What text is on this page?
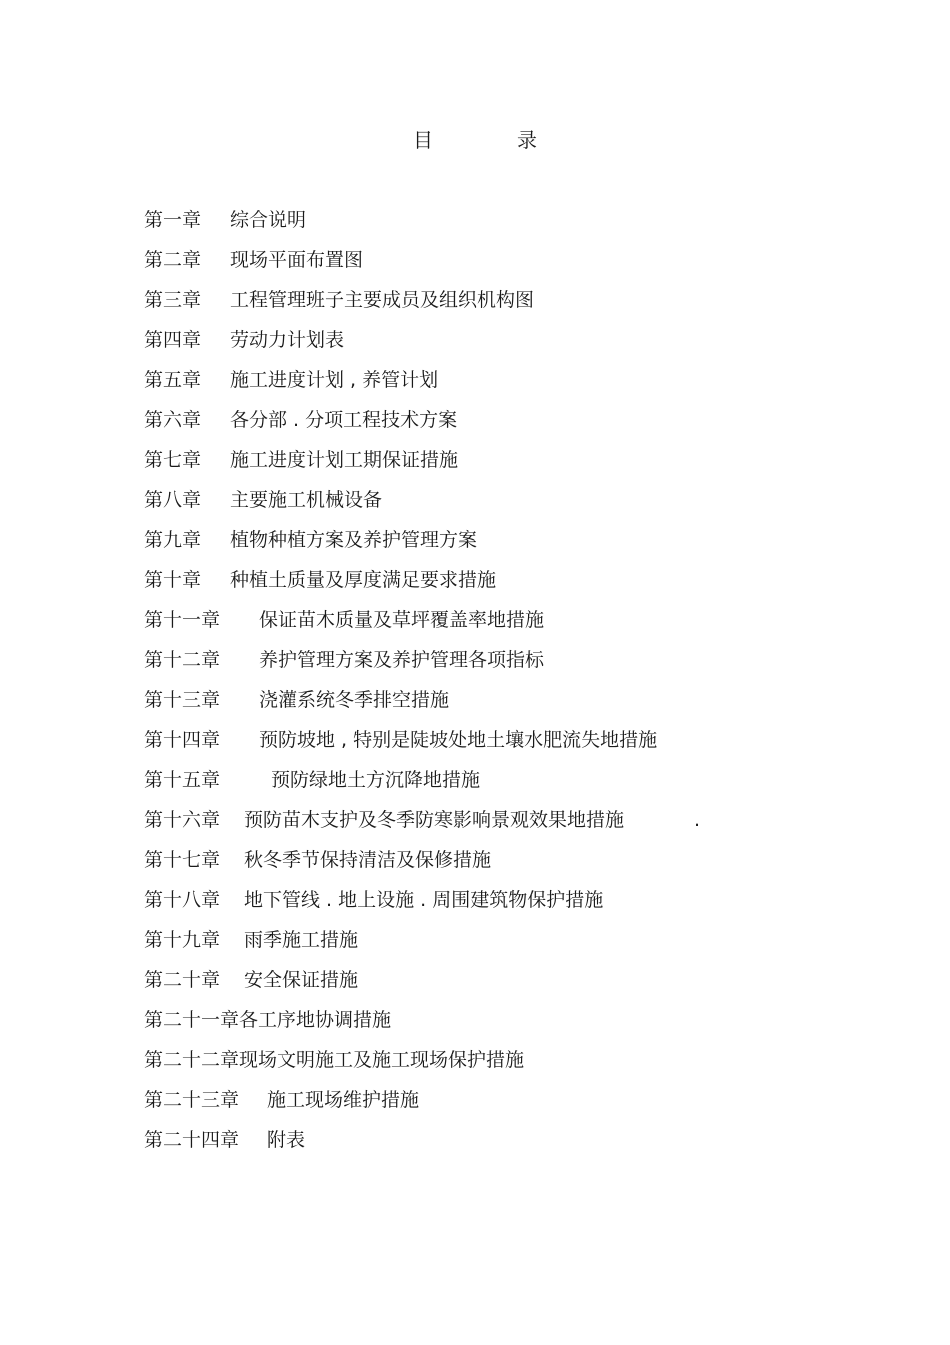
目　录
第一章 综合说明
第二章 现场平面布置图
第三章 工程管理班子主要成员及组织机构图
第四章 劳动力计划表
第五章 施工进度计划 , 养管计划
第六章 各分部 . 分项工程技术方案
第七章 施工进度计划工期保证措施
第八章 主要施工机械设备
第九章 植物种植方案及养护管理方案
第十章 种植土质量及厚度满足要求措施
第十一章 保证苗木质量及草坪覆盖率地措施
第十二章 养护管理方案及养护管理各项指标
第十三章 浇灌系统冬季排空措施
第十四章 预防坡地 , 特别是陡坡处地土壤水肥流失地措施
第十五章	预防绿地土方沉降地措施
第十六章 预防苗木支护及冬季防寒影响景观效果地措施	.
第十七章 秋冬季节保持清洁及保修措施
第十八章 地下管线 . 地上设施 . 周围建筑物保护措施
第十九章 雨季施工措施
第二十章 安全保证措施
第二十一章各工序地协调措施
第二十二章现场文明施工及施工现场保护措施
第二十三章 施工现场维护措施
第二十四章 附表
